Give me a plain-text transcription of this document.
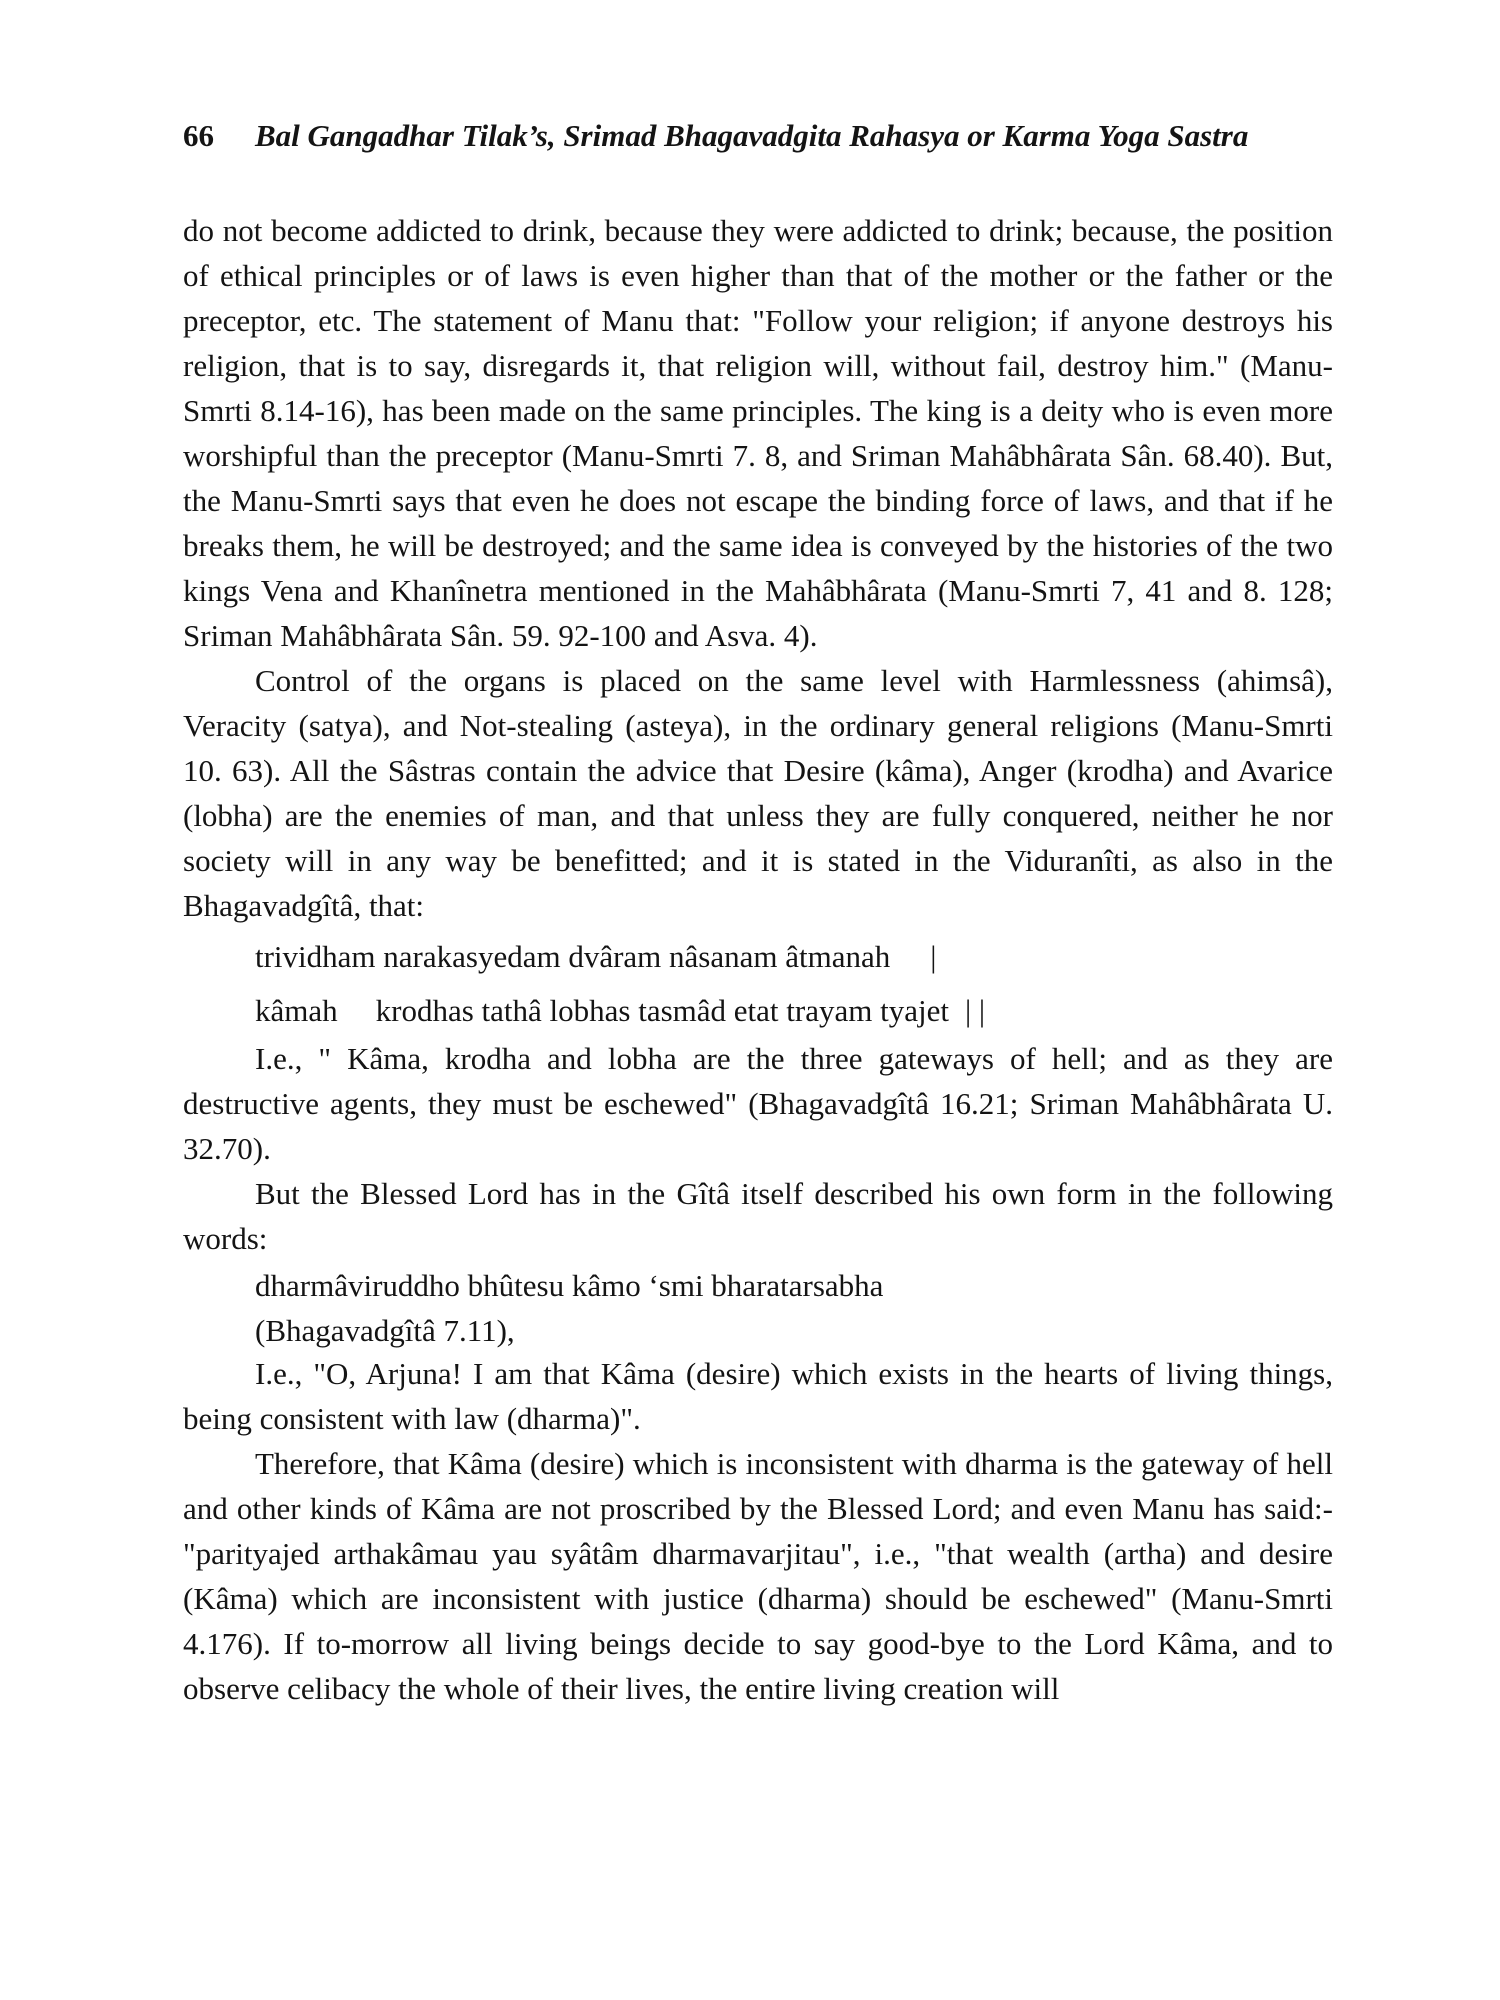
66	Bal Gangadhar Tilak’s, Srimad Bhagavadgita Rahasya or Karma Yoga Sastra

do not become addicted to drink, because they were addicted to drink; because, the position of ethical principles or of laws is even higher than that of the mother or the father or the preceptor, etc. The statement of Manu that: "Follow your religion; if anyone destroys his religion, that is to say, disregards it, that religion will, without fail, destroy him." (Manu-Smrti 8.14-16), has been made on the same principles. The king is a deity who is even more worshipful than the preceptor (Manu-Smrti 7. 8, and Sriman Mahâbhârata Sân. 68.40). But, the Manu-Smrti says that even he does not escape the binding force of laws, and that if he breaks them, he will be destroyed; and the same idea is conveyed by the histories of the two kings Vena and Khanînetra mentioned in the Mahâbhârata (Manu-Smrti 7, 41 and 8. 128; Sriman Mahâbhârata Sân. 59. 92-100 and Asva. 4).

Control of the organs is placed on the same level with Harmlessness (ahimsâ), Veracity (satya), and Not-stealing (asteya), in the ordinary general religions (Manu-Smrti 10. 63). All the Sâstras contain the advice that Desire (kâma), Anger (krodha) and Avarice (lobha) are the enemies of man, and that unless they are fully conquered, neither he nor society will in any way be benefitted; and it is stated in the Viduranîti, as also in the Bhagavadgîtâ, that:

trividham narakasyedam dvâram nâsanam âtmanah |

kâmah krodhas tathâ lobhas tasmâd etat trayam tyajet | |

I.e., " Kâma, krodha and lobha are the three gateways of hell; and as they are destructive agents, they must be eschewed" (Bhagavadgîtâ 16.21; Sriman Mahâbhârata U. 32.70).

But the Blessed Lord has in the Gîtâ itself described his own form in the following words:

dharmâviruddho bhûtesu kâmo ‘smi bharatarsabha

(Bhagavadgîtâ 7.11),

I.e., "O, Arjuna! I am that Kâma (desire) which exists in the hearts of living things, being consistent with law (dharma)".

Therefore, that Kâma (desire) which is inconsistent with dharma is the gateway of hell and other kinds of Kâma are not proscribed by the Blessed Lord; and even Manu has said:-"parityajed arthakâmau yau syâtâm dharmavarjitau", i.e., "that wealth (artha) and desire (Kâma) which are inconsistent with justice (dharma) should be eschewed" (Manu-Smrti 4.176). If to-morrow all living beings decide to say good-bye to the Lord Kâma, and to observe celibacy the whole of their lives, the entire living creation will
